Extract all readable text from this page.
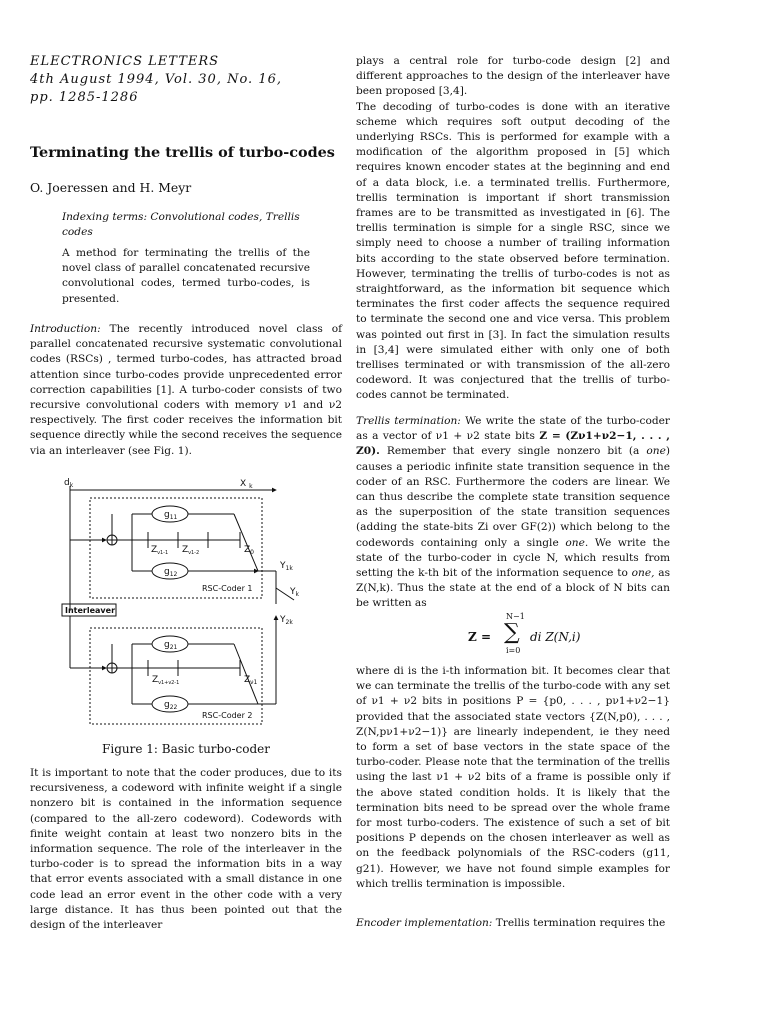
ELECTRONICS LETTERS
4th August 1994, Vol. 30, No. 16,
pp. 1285-1286
Terminating the trellis of turbo-codes
O. Joeressen and H. Meyr
Indexing terms: Convolutional codes, Trellis codes

A method for terminating the trellis of the novel class of parallel concatenated recursive convolutional codes, termed turbo-codes, is presented.

Introduction: The recently introduced novel class of parallel concatenated recursive systematic convolutional codes (RSCs) , termed turbo-codes, has attracted broad attention since turbo-codes provide unprecedented error correction capabilities [1]. A turbo-coder consists of two recursive convolutional coders with memory ν1 and ν2 respectively. The first coder receives the information bit sequence directly while the second receives the sequence via an interleaver (see Fig. 1).

$d_k$	X $_k$
$g_{11}$
$g_{12}$
$Z_{\nu 1-1}$ $Z_{\nu 1-2}$	$Z_0$
RSC-Coder 1
$Y_{1k}$
$Y_k$
Interleaver
$Y_{2k}$
$g_{21}$
$g_{22}$
$Z_{\nu 1+\nu 2-1}$	$Z_{\nu 1}$
RSC-Coder 2
Figure 1: Basic turbo-coder

It is important to note that the coder produces, due to its recursiveness, a codeword with infinite weight if a single nonzero bit is contained in the information sequence (compared to the all-zero codeword). Codewords with finite weight contain at least two nonzero bits in the information sequence. The role of the interleaver in the turbo-coder is to spread the information bits in a way that error events associated with a small distance in one code lead an error event in the other code with a very large distance. It has thus been pointed out that the design of the interleaver

plays a central role for turbo-code design [2] and different approaches to the design of the interleaver have been proposed [3,4].

The decoding of turbo-codes is done with an iterative scheme which requires soft output decoding of the underlying RSCs. This is performed for example with a modification of the algorithm proposed in [5] which requires known encoder states at the beginning and end of a data block, i.e. a terminated trellis. Furthermore, trellis termination is important if short transmission frames are to be transmitted as investigated in [6]. The trellis termination is simple for a single RSC, since we simply need to choose a number of trailing information bits according to the state observed before termination. However, terminating the trellis of turbo-codes is not as straightforward, as the information bit sequence which terminates the first coder affects the sequence required to terminate the second one and vice versa. This problem was pointed out first in [3]. In fact the simulation results in [3,4] were simulated either with only one of both trellises terminated or with transmission of the all-zero codeword. It was conjectured that the trellis of turbo-codes cannot be terminated.

Trellis termination: We write the state of the turbo-coder as a vector of ν1 + ν2 state bits Z = (Zν1+ν2−1, . . . , Z0). Remember that every single nonzero bit (a one) causes a periodic infinite state transition sequence in the coder of an RSC. Furthermore the coders are linear. We can thus describe the complete state transition sequence as the superposition of the state transition sequences (adding the state-bits Zi over GF(2)) which belong to the codewords containing only a single one. We write the state of the turbo-coder in cycle N, which results from setting the k-th bit of the information sequence to one, as Z(N,k). Thus the state at the end of a block of N bits can be written as

Z =
N−1
∑
i=0
di Z(N,i)

where di is the i-th information bit. It becomes clear that we can terminate the trellis of the turbo-code with any set of ν1 + ν2 bits in positions P = {p0, . . . , pν1+ν2−1} provided that the associated state vectors {Z(N,p0), . . . , Z(N,pν1+ν2−1)} are linearly independent, ie they need to form a set of base vectors in the state space of the turbo-coder. Please note that the termination of the trellis using the last ν1 + ν2 bits of a frame is possible only if the above stated condition holds. It is likely that the termination bits need to be spread over the whole frame for most turbo-coders. The existence of such a set of bit positions P depends on the chosen interleaver as well as on the feedback polynomials of the RSC-coders (g11, g21). However, we have not found simple examples for which trellis termination is impossible.

Encoder implementation: Trellis termination requires the
